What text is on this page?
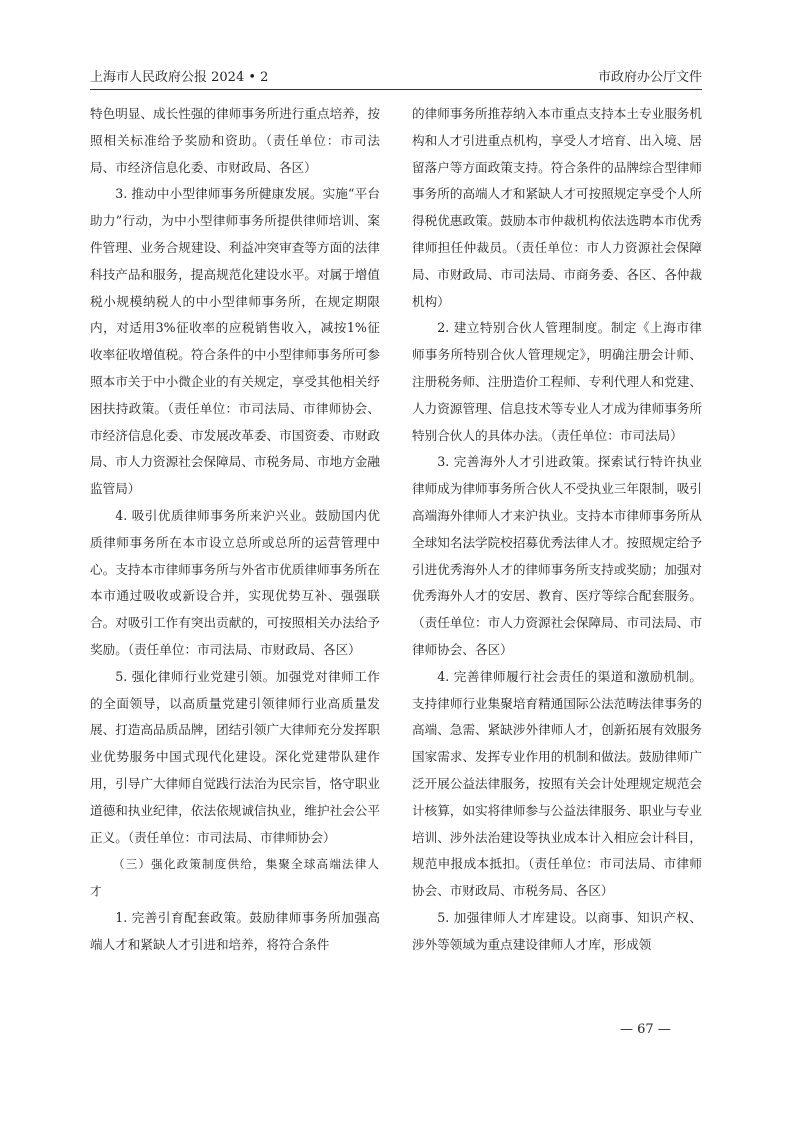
上海市人民政府公报 2024 • 2	市政府办公厅文件

特色明显、成长性强的律师事务所进行重点培养，按照相关标准给予奖励和资助。（责任单位：市司法局、市经济信息化委、市财政局、各区）

3. 推动中小型律师事务所健康发展。实施“平台助力”行动，为中小型律师事务所提供律师培训、案件管理、业务合规建设、利益冲突审查等方面的法律科技产品和服务，提高规范化建设水平。对属于增值税小规模纳税人的中小型律师事务所，在规定期限内，对适用3%征收率的应税销售收入，减按1%征收率征收增值税。符合条件的中小型律师事务所可参照本市关于中小微企业的有关规定，享受其他相关纾困扶持政策。（责任单位：市司法局、市律师协会、市经济信息化委、市发展改革委、市国资委、市财政局、市人力资源社会保障局、市税务局、市地方金融监管局）

4. 吸引优质律师事务所来沪兴业。鼓励国内优质律师事务所在本市设立总所或总所的运营管理中心。支持本市律师事务所与外省市优质律师事务所在本市通过吸收或新设合并，实现优势互补、强强联合。对吸引工作有突出贡献的，可按照相关办法给予奖励。（责任单位：市司法局、市财政局、各区）

5. 强化律师行业党建引领。加强党对律师工作的全面领导，以高质量党建引领律师行业高质量发展、打造高品质品牌，团结引领广大律师充分发挥职业优势服务中国式现代化建设。深化党建带队建作用，引导广大律师自觉践行法治为民宗旨，恪守职业道德和执业纪律，依法依规诚信执业，维护社会公平正义。（责任单位：市司法局、市律师协会）

（三）强化政策制度供给，集聚全球高端法律人才

1. 完善引育配套政策。鼓励律师事务所加强高端人才和紧缺人才引进和培养，将符合条件

的律师事务所推荐纳入本市重点支持本土专业服务机构和人才引进重点机构，享受人才培育、出入境、居留落户等方面政策支持。符合条件的品牌综合型律师事务所的高端人才和紧缺人才可按照规定享受个人所得税优惠政策。鼓励本市仲裁机构依法选聘本市优秀律师担任仲裁员。（责任单位：市人力资源社会保障局、市财政局、市司法局、市商务委、各区、各仲裁机构）

2. 建立特别合伙人管理制度。制定《上海市律师事务所特别合伙人管理规定》，明确注册会计师、注册税务师、注册造价工程师、专利代理人和党建、人力资源管理、信息技术等专业人才成为律师事务所特别合伙人的具体办法。（责任单位：市司法局）

3. 完善海外人才引进政策。探索试行特许执业律师成为律师事务所合伙人不受执业三年限制，吸引高端海外律师人才来沪执业。支持本市律师事务所从全球知名法学院校招募优秀法律人才。按照规定给予引进优秀海外人才的律师事务所支持或奖励；加强对优秀海外人才的安居、教育、医疗等综合配套服务。（责任单位：市人力资源社会保障局、市司法局、市律师协会、各区）

4. 完善律师履行社会责任的渠道和激励机制。支持律师行业集聚培育精通国际公法范畴法律事务的高端、急需、紧缺涉外律师人才，创新拓展有效服务国家需求、发挥专业作用的机制和做法。鼓励律师广泛开展公益法律服务，按照有关会计处理规定规范会计核算，如实将律师参与公益法律服务、职业与专业培训、涉外法治建设等执业成本计入相应会计科目，规范申报成本抵扣。（责任单位：市司法局、市律师协会、市财政局、市税务局、各区）

5. 加强律师人才库建设。以商事、知识产权、涉外等领域为重点建设律师人才库，形成领

— 67 —
